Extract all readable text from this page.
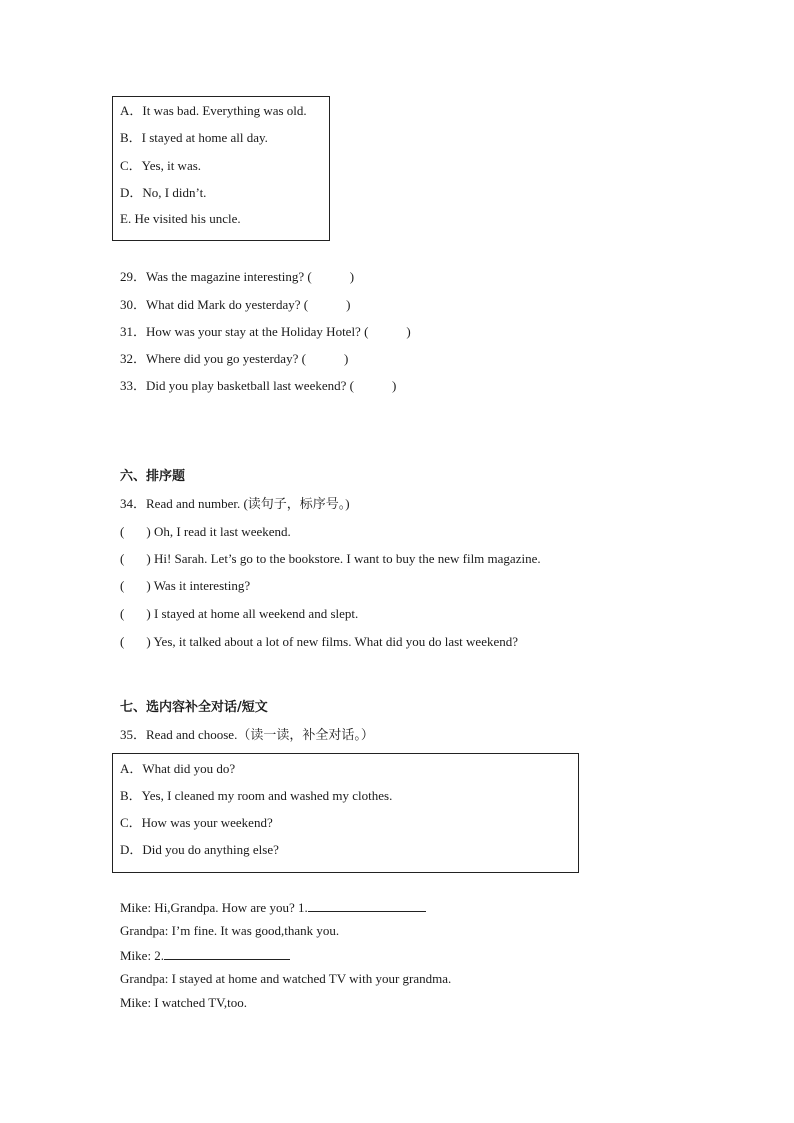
A．It was bad. Everything was old.
B．I stayed at home all day.
C．Yes, it was.
D．No, I didn’t.
E. He visited his uncle.
29．Was the magazine interesting? (	)
30．What did Mark do yesterday? (	)
31．How was your stay at the Holiday Hotel? (	)
32．Where did you go yesterday? (	)
33．Did you play basketball last weekend? (	)
六、排序题
34．Read and number. (读句子，标序号。)
( ) Oh, I read it last weekend.
( ) Hi! Sarah. Let’s go to the bookstore. I want to buy the new film magazine.
( ) Was it interesting?
( ) I stayed at home all weekend and slept.
( ) Yes, it talked about a lot of new films. What did you do last weekend?
七、选内容补全对话/短文
35．Read and choose.（读一读，补全对话。）
A．What did you do?
B．Yes, I cleaned my room and washed my clothes.
C．How was your weekend?
D．Did you do anything else?
Mike: Hi,Grandpa. How are you? 1.
Grandpa: I’m fine. It was good,thank you.
Mike: 2.
Grandpa: I stayed at home and watched TV with your grandma.
Mike: I watched TV,too.
